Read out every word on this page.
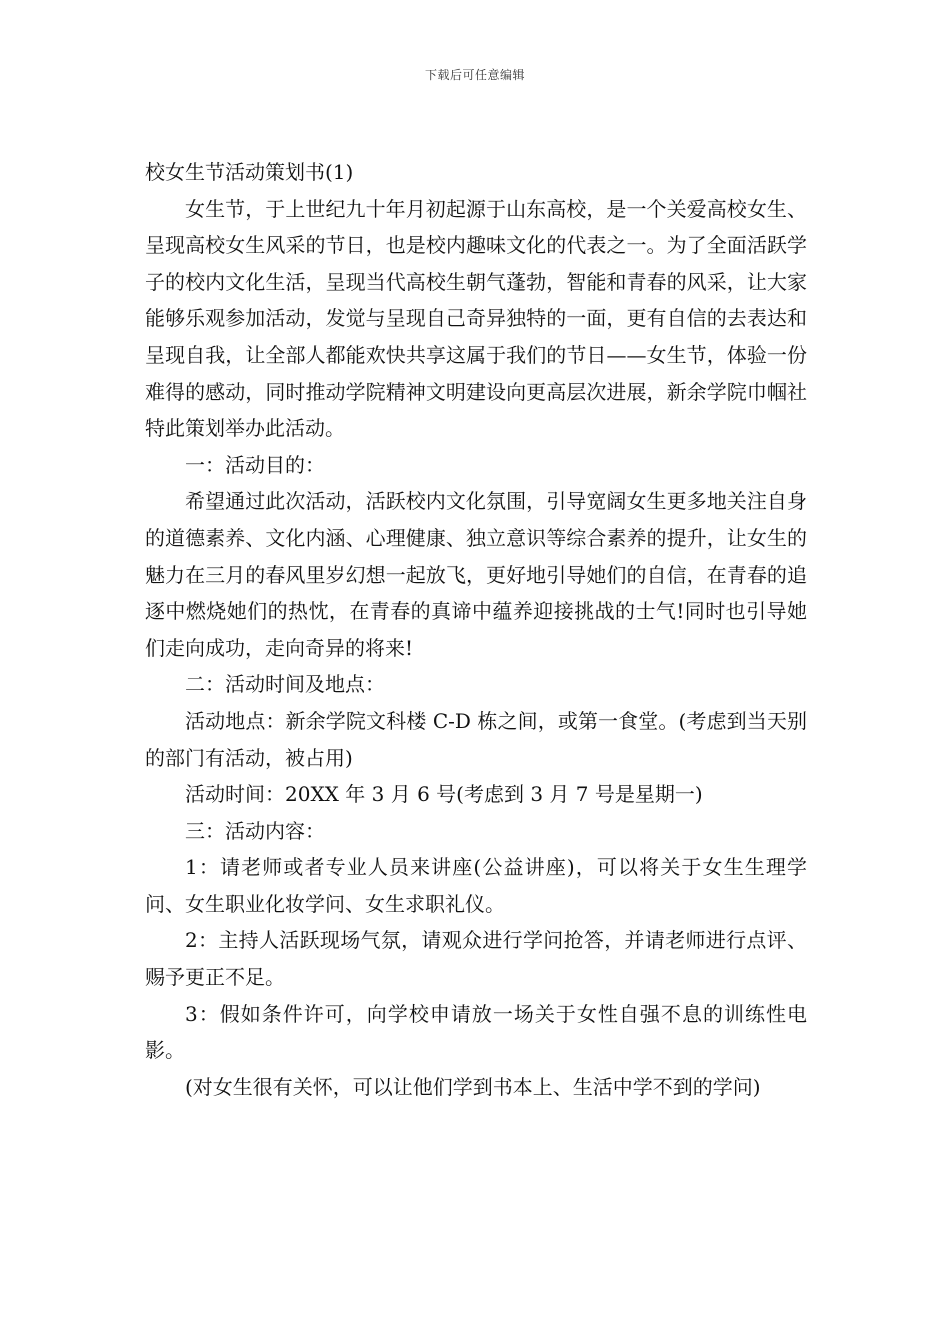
下载后可任意编辑

校女生节活动策划书(1)

女生节，于上世纪九十年月初起源于山东高校，是一个关爱高校女生、呈现高校女生风采的节日，也是校内趣味文化的代表之一。为了全面活跃学子的校内文化生活，呈现当代高校生朝气蓬勃，智能和青春的风采，让大家能够乐观参加活动，发觉与呈现自己奇异独特的一面，更有自信的去表达和呈现自我，让全部人都能欢快共享这属于我们的节日——女生节，体验一份难得的感动，同时推动学院精神文明建设向更高层次进展，新余学院巾帼社特此策划举办此活动。

一：活动目的：

希望通过此次活动，活跃校内文化氛围，引导宽阔女生更多地关注自身的道德素养、文化内涵、心理健康、独立意识等综合素养的提升，让女生的魅力在三月的春风里岁幻想一起放飞，更好地引导她们的自信，在青春的追逐中燃烧她们的热忱，在青春的真谛中蕴养迎接挑战的士气!同时也引导她们走向成功，走向奇异的将来!

二：活动时间及地点：

活动地点：新余学院文科楼 C-D 栋之间，或第一食堂。(考虑到当天别的部门有活动，被占用)

活动时间：20XX 年 3 月 6 号(考虑到 3 月 7 号是星期一)

三：活动内容：

1：请老师或者专业人员来讲座(公益讲座)，可以将关于女生生理学问、女生职业化妆学问、女生求职礼仪。

2：主持人活跃现场气氛，请观众进行学问抢答，并请老师进行点评、赐予更正不足。

3：假如条件许可，向学校申请放一场关于女性自强不息的训练性电影。

(对女生很有关怀，可以让他们学到书本上、生活中学不到的学问)
